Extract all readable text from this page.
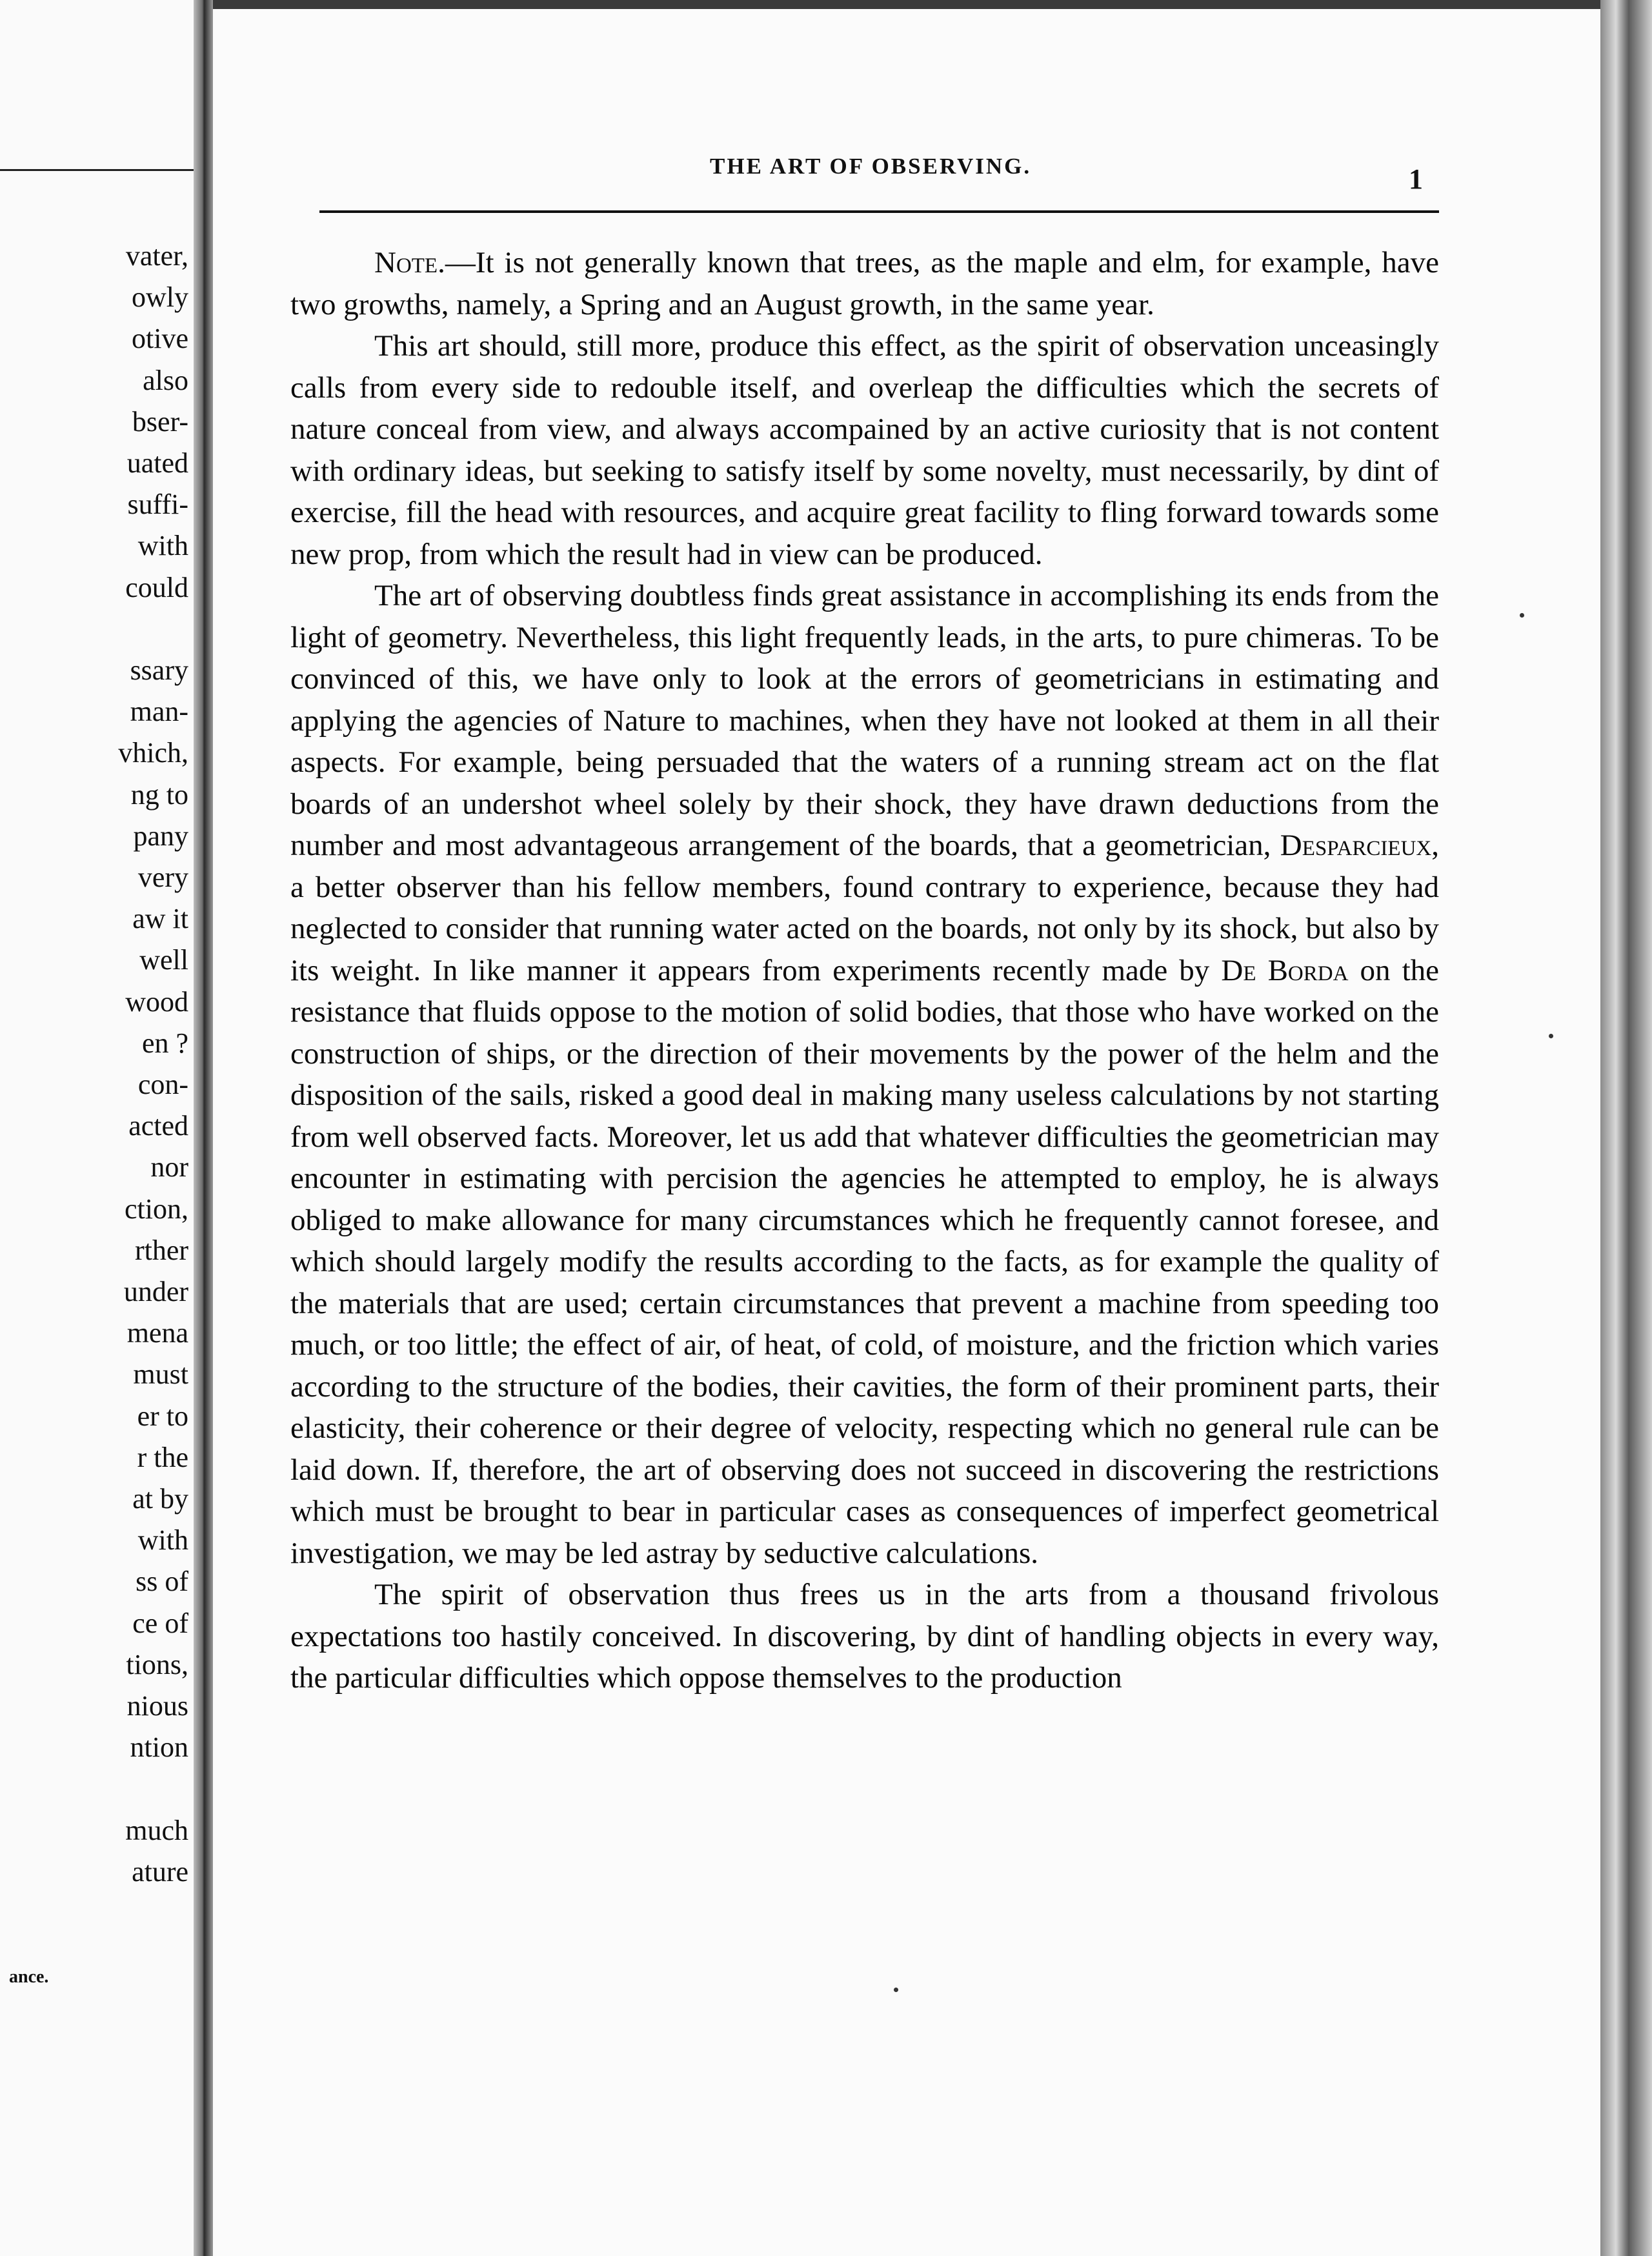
vater,
owly
otive
also
bser-
uated
suffi-
with
could
ssary
man-
vhich,
ng to
pany
very
aw it
well
wood
en ?
con-
acted
nor
ction,
rther
under
mena
must
er to
r the
at by
with
ss of
ce of
tions,
nious
ntion
much
ature
ance.
THE ART OF OBSERVING.	1

Note.—It is not generally known that trees, as the maple and elm, for example, have two growths, namely, a Spring and an August growth, in the same year.

This art should, still more, produce this effect, as the spirit of observation unceasingly calls from every side to redouble itself, and overleap the difficulties which the secrets of nature conceal from view, and always accompained by an active curiosity that is not content with ordinary ideas, but seeking to satisfy itself by some novelty, must necessarily, by dint of exercise, fill the head with resources, and acquire great facility to fling forward towards some new prop, from which the result had in view can be produced.

The art of observing doubtless finds great assistance in accomplishing its ends from the light of geometry. Nevertheless, this light frequently leads, in the arts, to pure chimeras. To be convinced of this, we have only to look at the errors of geometricians in estimating and applying the agencies of Nature to machines, when they have not looked at them in all their aspects. For example, being persuaded that the waters of a running stream act on the flat boards of an undershot wheel solely by their shock, they have drawn deductions from the number and most advantageous arrangement of the boards, that a geometrician, Desparcieux, a better observer than his fellow members, found contrary to experience, because they had neglected to consider that running water acted on the boards, not only by its shock, but also by its weight. In like manner it appears from experiments recently made by De Borda on the resistance that fluids oppose to the motion of solid bodies, that those who have worked on the construction of ships, or the direction of their movements by the power of the helm and the disposition of the sails, risked a good deal in making many useless calculations by not starting from well observed facts. Moreover, let us add that whatever difficulties the geometrician may encounter in estimating with percision the agencies he attempted to employ, he is always obliged to make allowance for many circumstances which he frequently cannot foresee, and which should largely modify the results according to the facts, as for example the quality of the materials that are used; certain circumstances that prevent a machine from speeding too much, or too little; the effect of air, of heat, of cold, of moisture, and the friction which varies according to the structure of the bodies, their cavities, the form of their prominent parts, their elasticity, their coherence or their degree of velocity, respecting which no general rule can be laid down. If, therefore, the art of observing does not succeed in discovering the restrictions which must be brought to bear in particular cases as consequences of imperfect geometrical investigation, we may be led astray by seductive calculations.

The spirit of observation thus frees us in the arts from a thousand frivolous expectations too hastily conceived. In discovering, by dint of handling objects in every way, the particular difficulties which oppose themselves to the production
